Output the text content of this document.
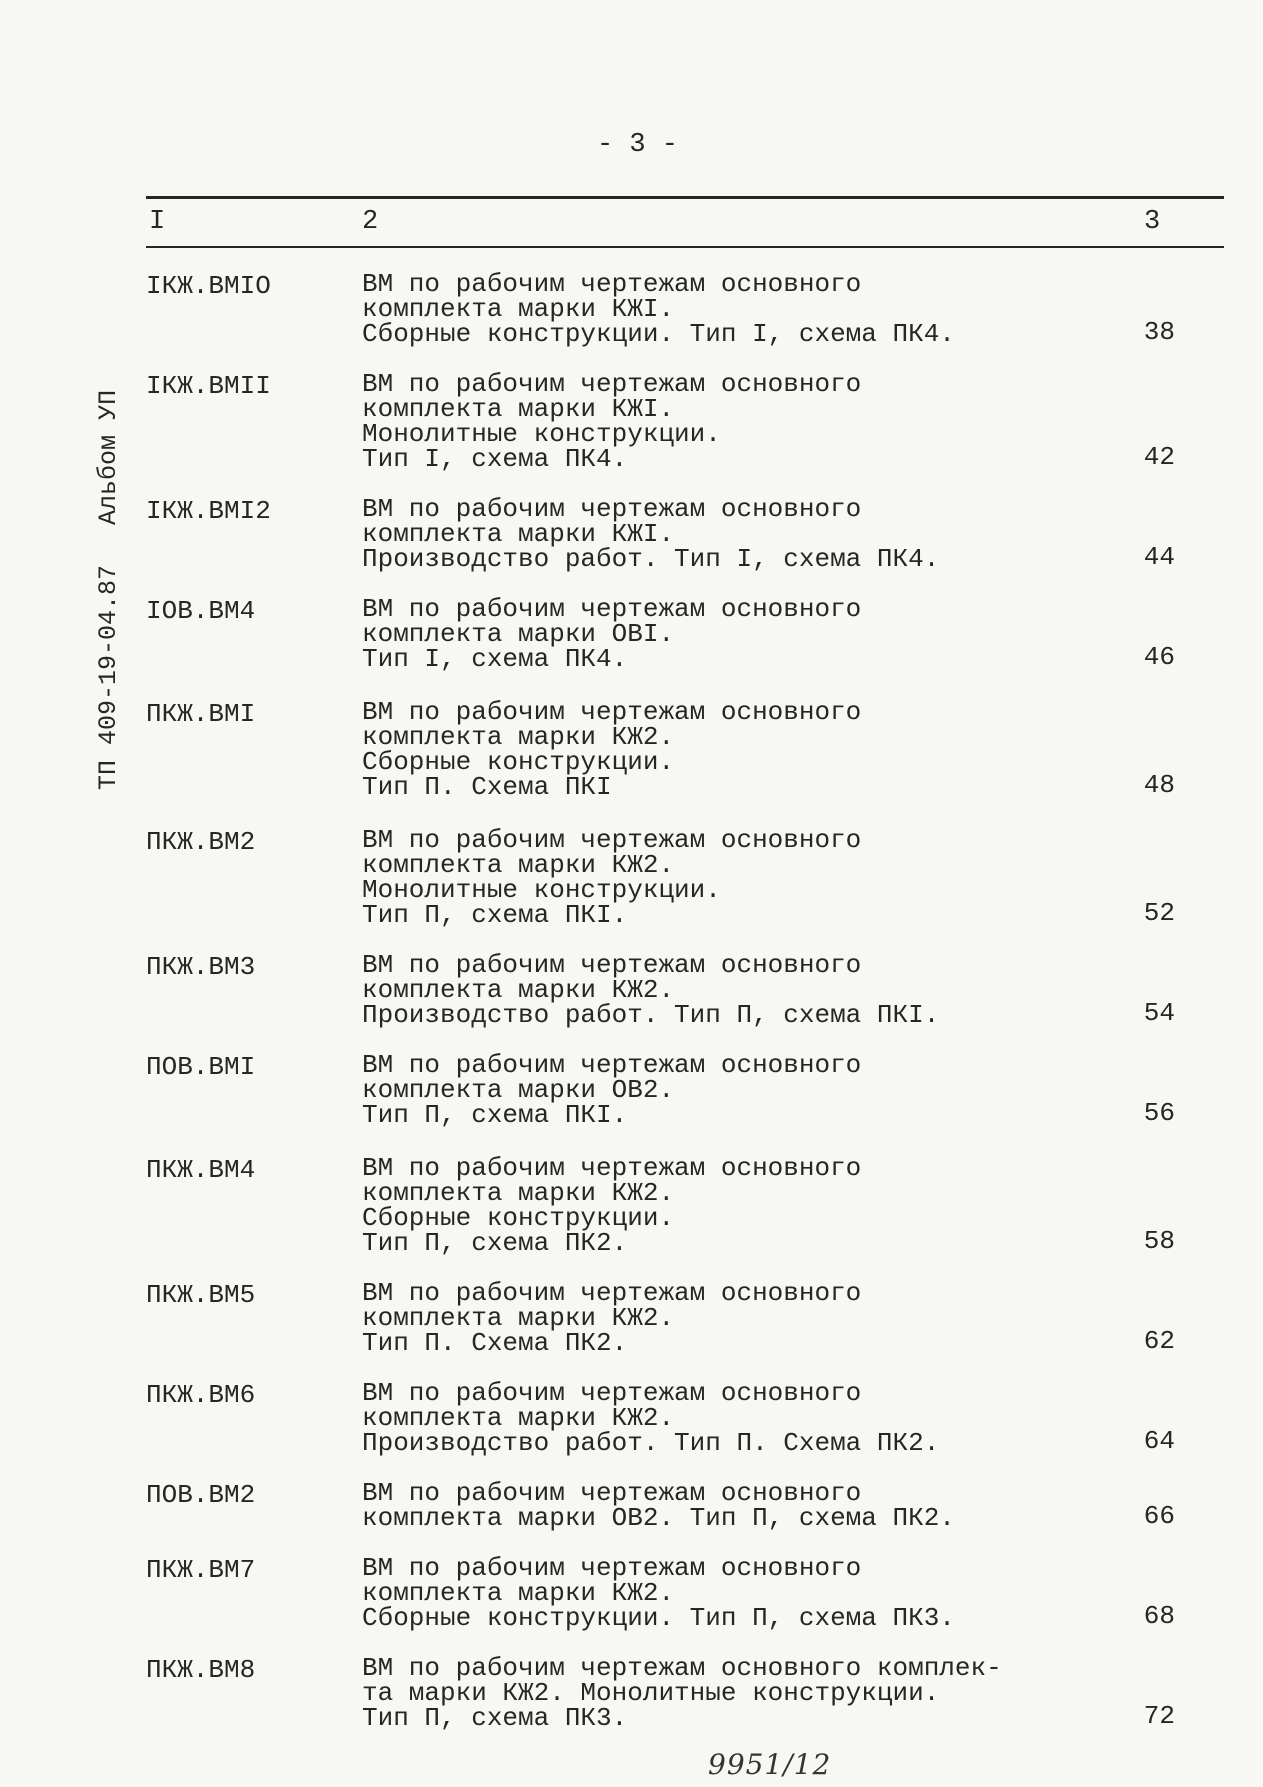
- 3 -
ТП 409-19-04.87Альбом УП
I	2	3
IКЖ.ВМIO	ВМ по рабочим чертежам основного
комплекта марки КЖI.
Сборные конструкции. Тип I, схема ПК4.	38
IКЖ.ВМII	ВМ по рабочим чертежам основного
комплекта марки КЖI.
Монолитные конструкции.
Тип I, схема ПК4.	42
IКЖ.ВМI2	ВМ по рабочим чертежам основного
комплекта марки КЖI.
Производство работ. Тип I, схема ПК4.	44
IОВ.ВМ4	ВМ по рабочим чертежам основного
комплекта марки ОВI.
Тип I, схема ПК4.	46
ПКЖ.ВМI	ВМ по рабочим чертежам основного
комплекта марки КЖ2.
Сборные конструкции.
Тип П. Схема ПКI	48
ПКЖ.ВМ2	ВМ по рабочим чертежам основного
комплекта марки КЖ2.
Монолитные конструкции.
Тип П, схема ПКI.	52
ПКЖ.ВМ3	ВМ по рабочим чертежам основного
комплекта марки КЖ2.
Производство работ. Тип П, схема ПКI.	54
ПОВ.ВМI	ВМ по рабочим чертежам основного
комплекта марки ОВ2.
Тип П, схема ПКI.	56
ПКЖ.ВМ4	ВМ по рабочим чертежам основного
комплекта марки КЖ2.
Сборные конструкции.
Тип П, схема ПК2.	58
ПКЖ.ВМ5	ВМ по рабочим чертежам основного
комплекта марки КЖ2.
Тип П. Схема ПК2.	62
ПКЖ.ВМ6	ВМ по рабочим чертежам основного
комплекта марки КЖ2.
Производство работ. Тип П. Схема ПК2.	64
ПОВ.ВМ2	ВМ по рабочим чертежам основного
комплекта марки ОВ2. Тип П, схема ПК2.	66
ПКЖ.ВМ7	ВМ по рабочим чертежам основного
комплекта марки КЖ2.
Сборные конструкции. Тип П, схема ПК3.	68
ПКЖ.ВМ8	ВМ по рабочим чертежам основного комплек-
та марки КЖ2. Монолитные конструкции.
Тип П, схема ПК3.	72
9951/12
